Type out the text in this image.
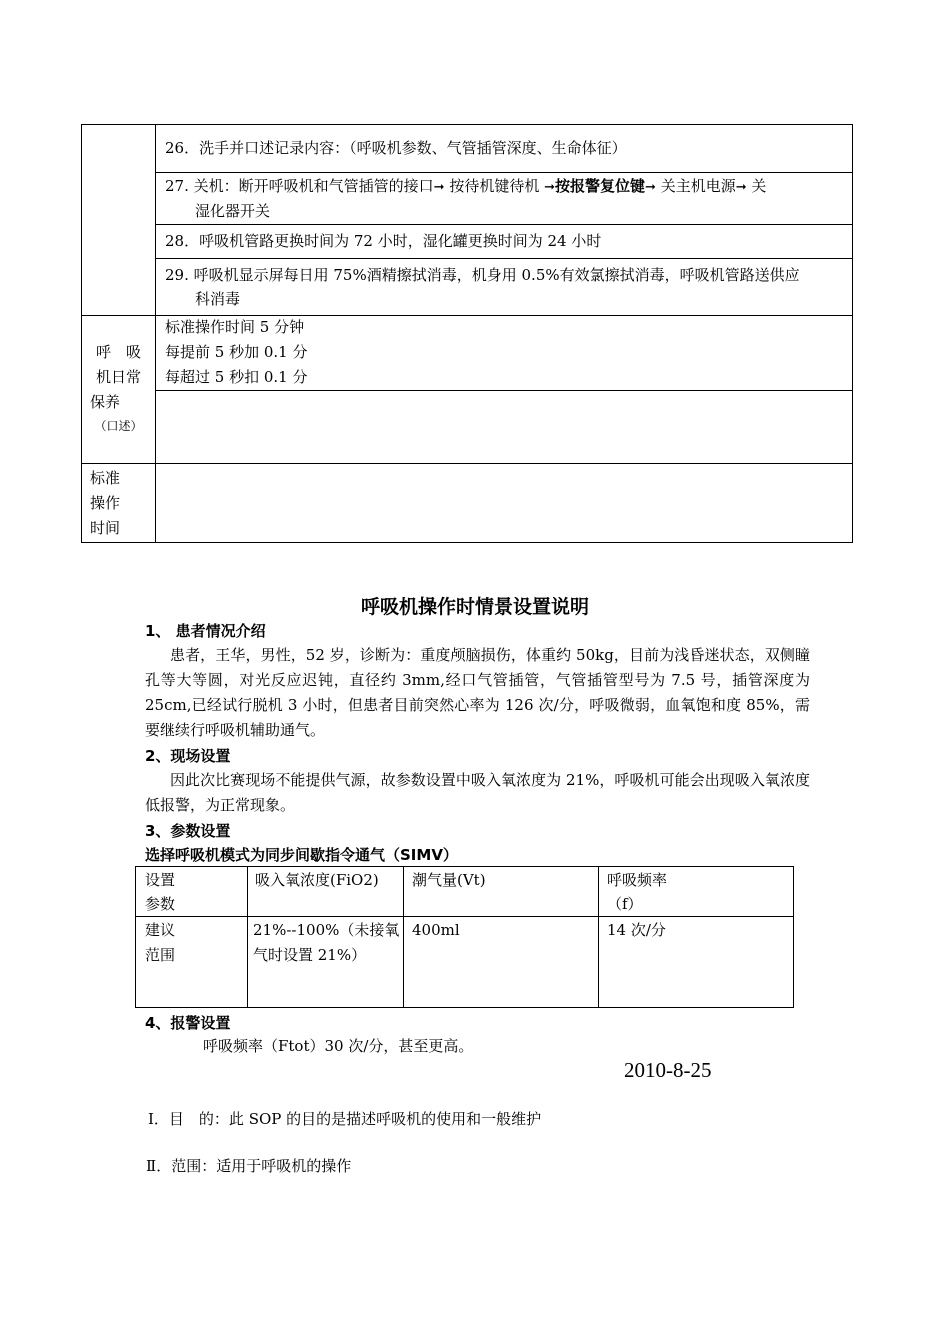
26．洗手并口述记录内容：（呼吸机参数、气管插管深度、生命体征）
27. 关机：断开呼吸机和气管插管的接口➞ 按待机键待机 ➞按报警复位键➞ 关主机电源➞ 关
湿化器开关
28．呼吸机管路更换时间为 72 小时，湿化罐更换时间为 24 小时
29. 呼吸机显示屏每日用 75%酒精擦拭消毒，机身用 0.5%有效氯擦拭消毒，呼吸机管路送供应
科消毒
呼　吸
机日常
保养
（口述）
标准操作时间 5 分钟
每提前 5 秒加 0.1 分
每超过 5 秒扣 0.1 分
标准
操作
时间
呼吸机操作时情景设置说明
1、 患者情况介绍
患者，王华，男性，52 岁，诊断为：重度颅脑损伤，体重约 50kg，目前为浅昏迷状态，双侧瞳孔等大等圆，对光反应迟钝，直径约 3mm,经口气管插管，气管插管型号为 7.5 号，插管深度为 25cm,已经试行脱机 3 小时，但患者目前突然心率为 126 次/分，呼吸微弱，血氧饱和度 85%，需要继续行呼吸机辅助通气。
2、现场设置
因此次比赛现场不能提供气源，故参数设置中吸入氧浓度为 21%，呼吸机可能会出现吸入氧浓度低报警，为正常现象。
3、参数设置
选择呼吸机模式为同步间歇指令通气（SIMV）
设置
参数
吸入氧浓度(FiO2) 潮气量(Vt)	呼吸频率
（f）
建议
范围
21%--100%（未接氧
气时设置 21%）
400ml	14 次/分
4、报警设置
呼吸频率（Ftot）30 次/分，甚至更高。
2010-8-25
Ⅰ．目　的：此 SOP 的目的是描述呼吸机的使用和一般维护
Ⅱ．范围：适用于呼吸机的操作
